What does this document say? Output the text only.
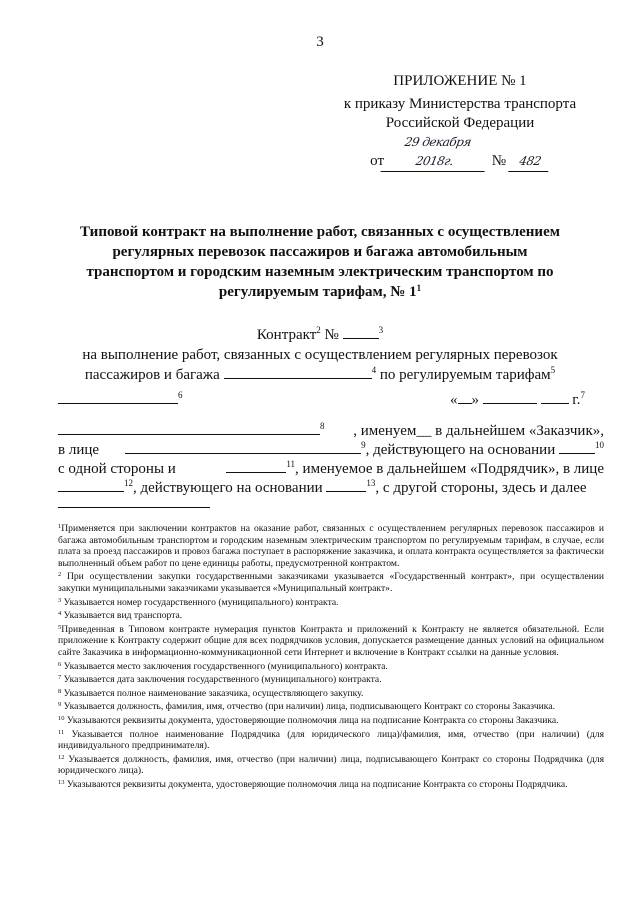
3
ПРИЛОЖЕНИЕ № 1
к приказу Министерства транспорта
Российской Федерации
от29 декабря 2018г. № 482
Типовой контракт на выполнение работ, связанных с осуществлением регулярных перевозок пассажиров и багажа автомобильным транспортом и городским наземным электрическим транспортом по регулируемым тарифам, № $1^1$
Контракт$^2$ №	$^3$
на выполнение работ, связанных с осуществлением регулярных перевозок
пассажиров и багажа	$^4$ по регулируемым тарифам$^5$
$^6$	« »	г.$^7$
$^8$ , именуем__ в дальнейшем «Заказчик»,
в лице	$^9$, действующего на основании	$^{10}$
с одной стороны и	$^{11}$, именуемое в дальнейшем «Подрядчик», в лице
$^{12}$, действующего на основании	$^{13}$, с другой стороны, здесь и далее

$^1$Применяется при заключении контрактов на оказание работ, связанных с осуществлением регулярных перевозок пассажиров и багажа автомобильным транспортом и городским наземным электрическим транспортом по регулируемым тарифам, в случае, если плата за проезд пассажиров и провоз багажа поступает в распоряжение заказчика, и оплата контракта осуществляется за фактически выполненный объем работ по цене единицы работы, предусмотренной контрактом.

$^2$ При осуществлении закупки государственными заказчиками указывается «Государственный контракт», при осуществлении закупки муниципальными заказчиками указывается «Муниципальный контракт».

$^3$ Указывается номер государственного (муниципального) контракта.

$^4$ Указывается вид транспорта.

$^5$Приведенная в Типовом контракте нумерация пунктов Контракта и приложений к Контракту не является обязательной. Если приложение к Контракту содержит общие для всех подрядчиков условия, допускается размещение данных условий на официальном сайте Заказчика в информационно-коммуникационной сети Интернет и включение в Контракт ссылки на данные условия.

$^6$ Указывается место заключения государственного (муниципального) контракта.

$^7$ Указывается дата заключения государственного (муниципального) контракта.

$^8$ Указывается полное наименование заказчика, осуществляющего закупку.

$^9$ Указывается должность, фамилия, имя, отчество (при наличии) лица, подписывающего Контракт со стороны Заказчика.

$^{10}$ Указываются реквизиты документа, удостоверяющие полномочия лица на подписание Контракта со стороны Заказчика.

$^{11}$ Указывается полное наименование Подрядчика (для юридического лица)/фамилия, имя, отчество (при наличии) (для индивидуального предпринимателя).

$^{12}$ Указывается должность, фамилия, имя, отчество (при наличии) лица, подписывающего Контракт со стороны Подрядчика (для юридического лица).

$^{13}$ Указываются реквизиты документа, удостоверяющие полномочия лица на подписание Контракта со стороны Подрядчика.
